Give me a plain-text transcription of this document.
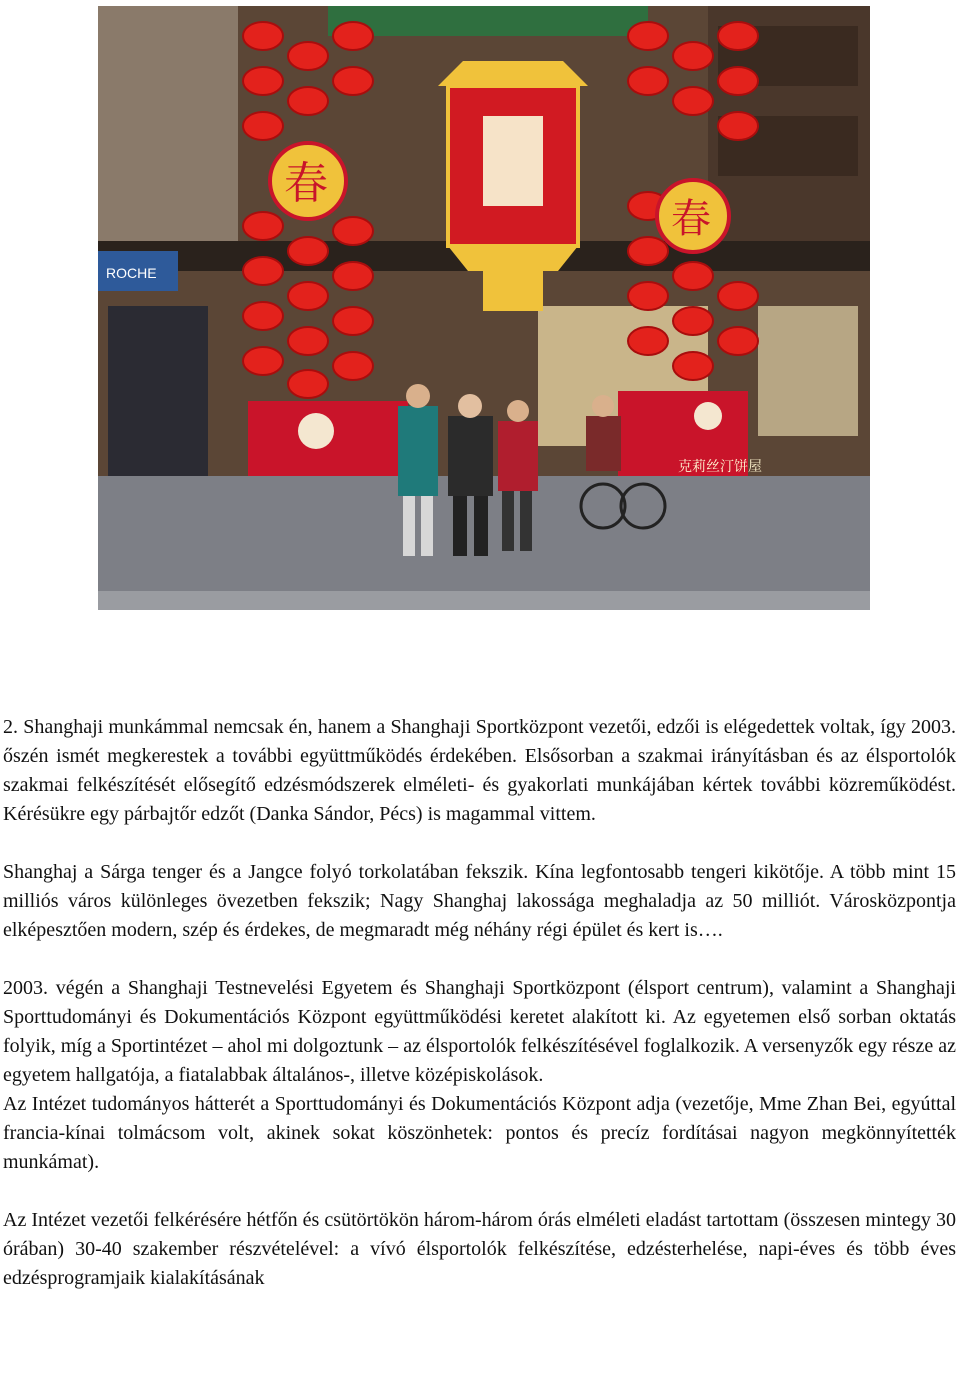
ROCHE
克莉丝汀饼屋
春
春

2. Shanghaji munkámmal nemcsak én, hanem a Shanghaji Sportközpont vezetői, edzői is elégedettek voltak, így 2003. őszén ismét megkerestek a további együttműködés érdekében. Elsősorban a szakmai irányításban és az élsportolók szakmai felkészítését elősegítő edzésmódszerek elméleti- és gyakorlati munkájában kértek további közreműködést. Kérésükre egy párbajtőr edzőt (Danka Sándor, Pécs) is magammal vittem.

Shanghaj a Sárga tenger és a Jangce folyó torkolatában fekszik. Kína legfontosabb tengeri kikötője. A több mint 15 milliós város különleges övezetben fekszik; Nagy Shanghaj lakossága meghaladja az 50 milliót. Városközpontja elképesztően modern, szép és érdekes, de megmaradt még néhány régi épület és kert is….

2003. végén a Shanghaji Testnevelési Egyetem és Shanghaji Sportközpont (élsport centrum), valamint a Shanghaji Sporttudományi és Dokumentációs Központ együttműködési keretet alakított ki. Az egyetemen első sorban oktatás folyik, míg a Sportintézet – ahol mi dolgoztunk – az élsportolók felkészítésével foglalkozik. A versenyzők egy része az egyetem hallgatója, a fiatalabbak általános-, illetve középiskolások.

Az Intézet tudományos hátterét a Sporttudományi és Dokumentációs Központ adja (vezetője, Mme Zhan Bei, egyúttal francia-kínai tolmácsom volt, akinek sokat köszönhetek: pontos és precíz fordításai nagyon megkönnyítették munkámat).

Az Intézet vezetői felkérésére hétfőn és csütörtökön három-három órás elméleti eladást tartottam (összesen mintegy 30 órában) 30-40 szakember részvételével: a vívó élsportolók felkészítése, edzésterhelése, napi-éves és több éves edzésprogramjaik kialakításának
